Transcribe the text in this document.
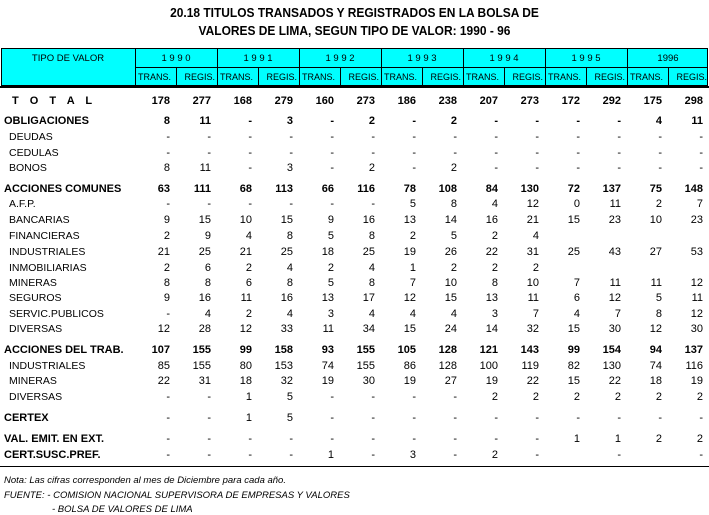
20.18 TITULOS TRANSADOS Y REGISTRADOS EN LA BOLSA DE
VALORES DE LIMA, SEGUN TIPO DE VALOR: 1990 - 96
TIPO DE VALOR	1 9 9 0
TRANS.	REGIS.
1 9 9 1
TRANS.	REGIS.
1 9 9 2
TRANS.	REGIS.
1 9 9 3
TRANS.	REGIS.
1 9 9 4
TRANS.	REGIS.
1 9 9 5
TRANS.	REGIS.
1996
TRANS.	REGIS.
T O T A L	178	277	168	279	160	273	186	238	207	273	172	292	175	298
OBLIGACIONES	8	11	-	3	-	2	-	2	-	-	-	-	4	11
DEUDAS	-	-	-	-	-	-	-	-	-	-	-	-	-	-
CEDULAS	-	-	-	-	-	-	-	-	-	-	-	-	-	-
BONOS	8	11	-	3	-	2	-	2	-	-	-	-	-	-
ACCIONES COMUNES	63	111	68	113	66	116	78	108	84	130	72	137	75	148
A.F.P.	-	-	-	-	-	-	5	8	4	12	0	11	2	7
BANCARIAS	9	15	10	15	9	16	13	14	16	21	15	23	10	23
FINANCIERAS	2	9	4	8	5	8	2	5	2	4
INDUSTRIALES	21	25	21	25	18	25	19	26	22	31	25	43	27	53
INMOBILIARIAS	2	6	2	4	2	4	1	2	2	2
MINERAS	8	8	6	8	5	8	7	10	8	10	7	11	11	12
SEGUROS	9	16	11	16	13	17	12	15	13	11	6	12	5	11
SERVIC.PUBLICOS	-	4	2	4	3	4	4	4	3	7	4	7	8	12
DIVERSAS	12	28	12	33	11	34	15	24	14	32	15	30	12	30
ACCIONES DEL TRAB.	107	155	99	158	93	155	105	128	121	143	99	154	94	137
INDUSTRIALES	85	155	80	153	74	155	86	128	100	119	82	130	74	116
MINERAS	22	31	18	32	19	30	19	27	19	22	15	22	18	19
DIVERSAS	-	-	1	5	-	-	-	-	2	2	2	2	2	2
CERTEX	-	-	1	5	-	-	-	-	-	-	-	-	-	-
VAL. EMIT. EN EXT.	-	-	-	-	-	-	-	-	-	-	1	1	2	2
CERT.SUSC.PREF.	-	-	-	-	1	-	3	-	2	-	-	-
Nota: Las cifras corresponden al mes de Diciembre para cada año.
FUENTE: - COMISION NACIONAL SUPERVISORA DE EMPRESAS Y VALORES
- BOLSA DE VALORES DE LIMA
